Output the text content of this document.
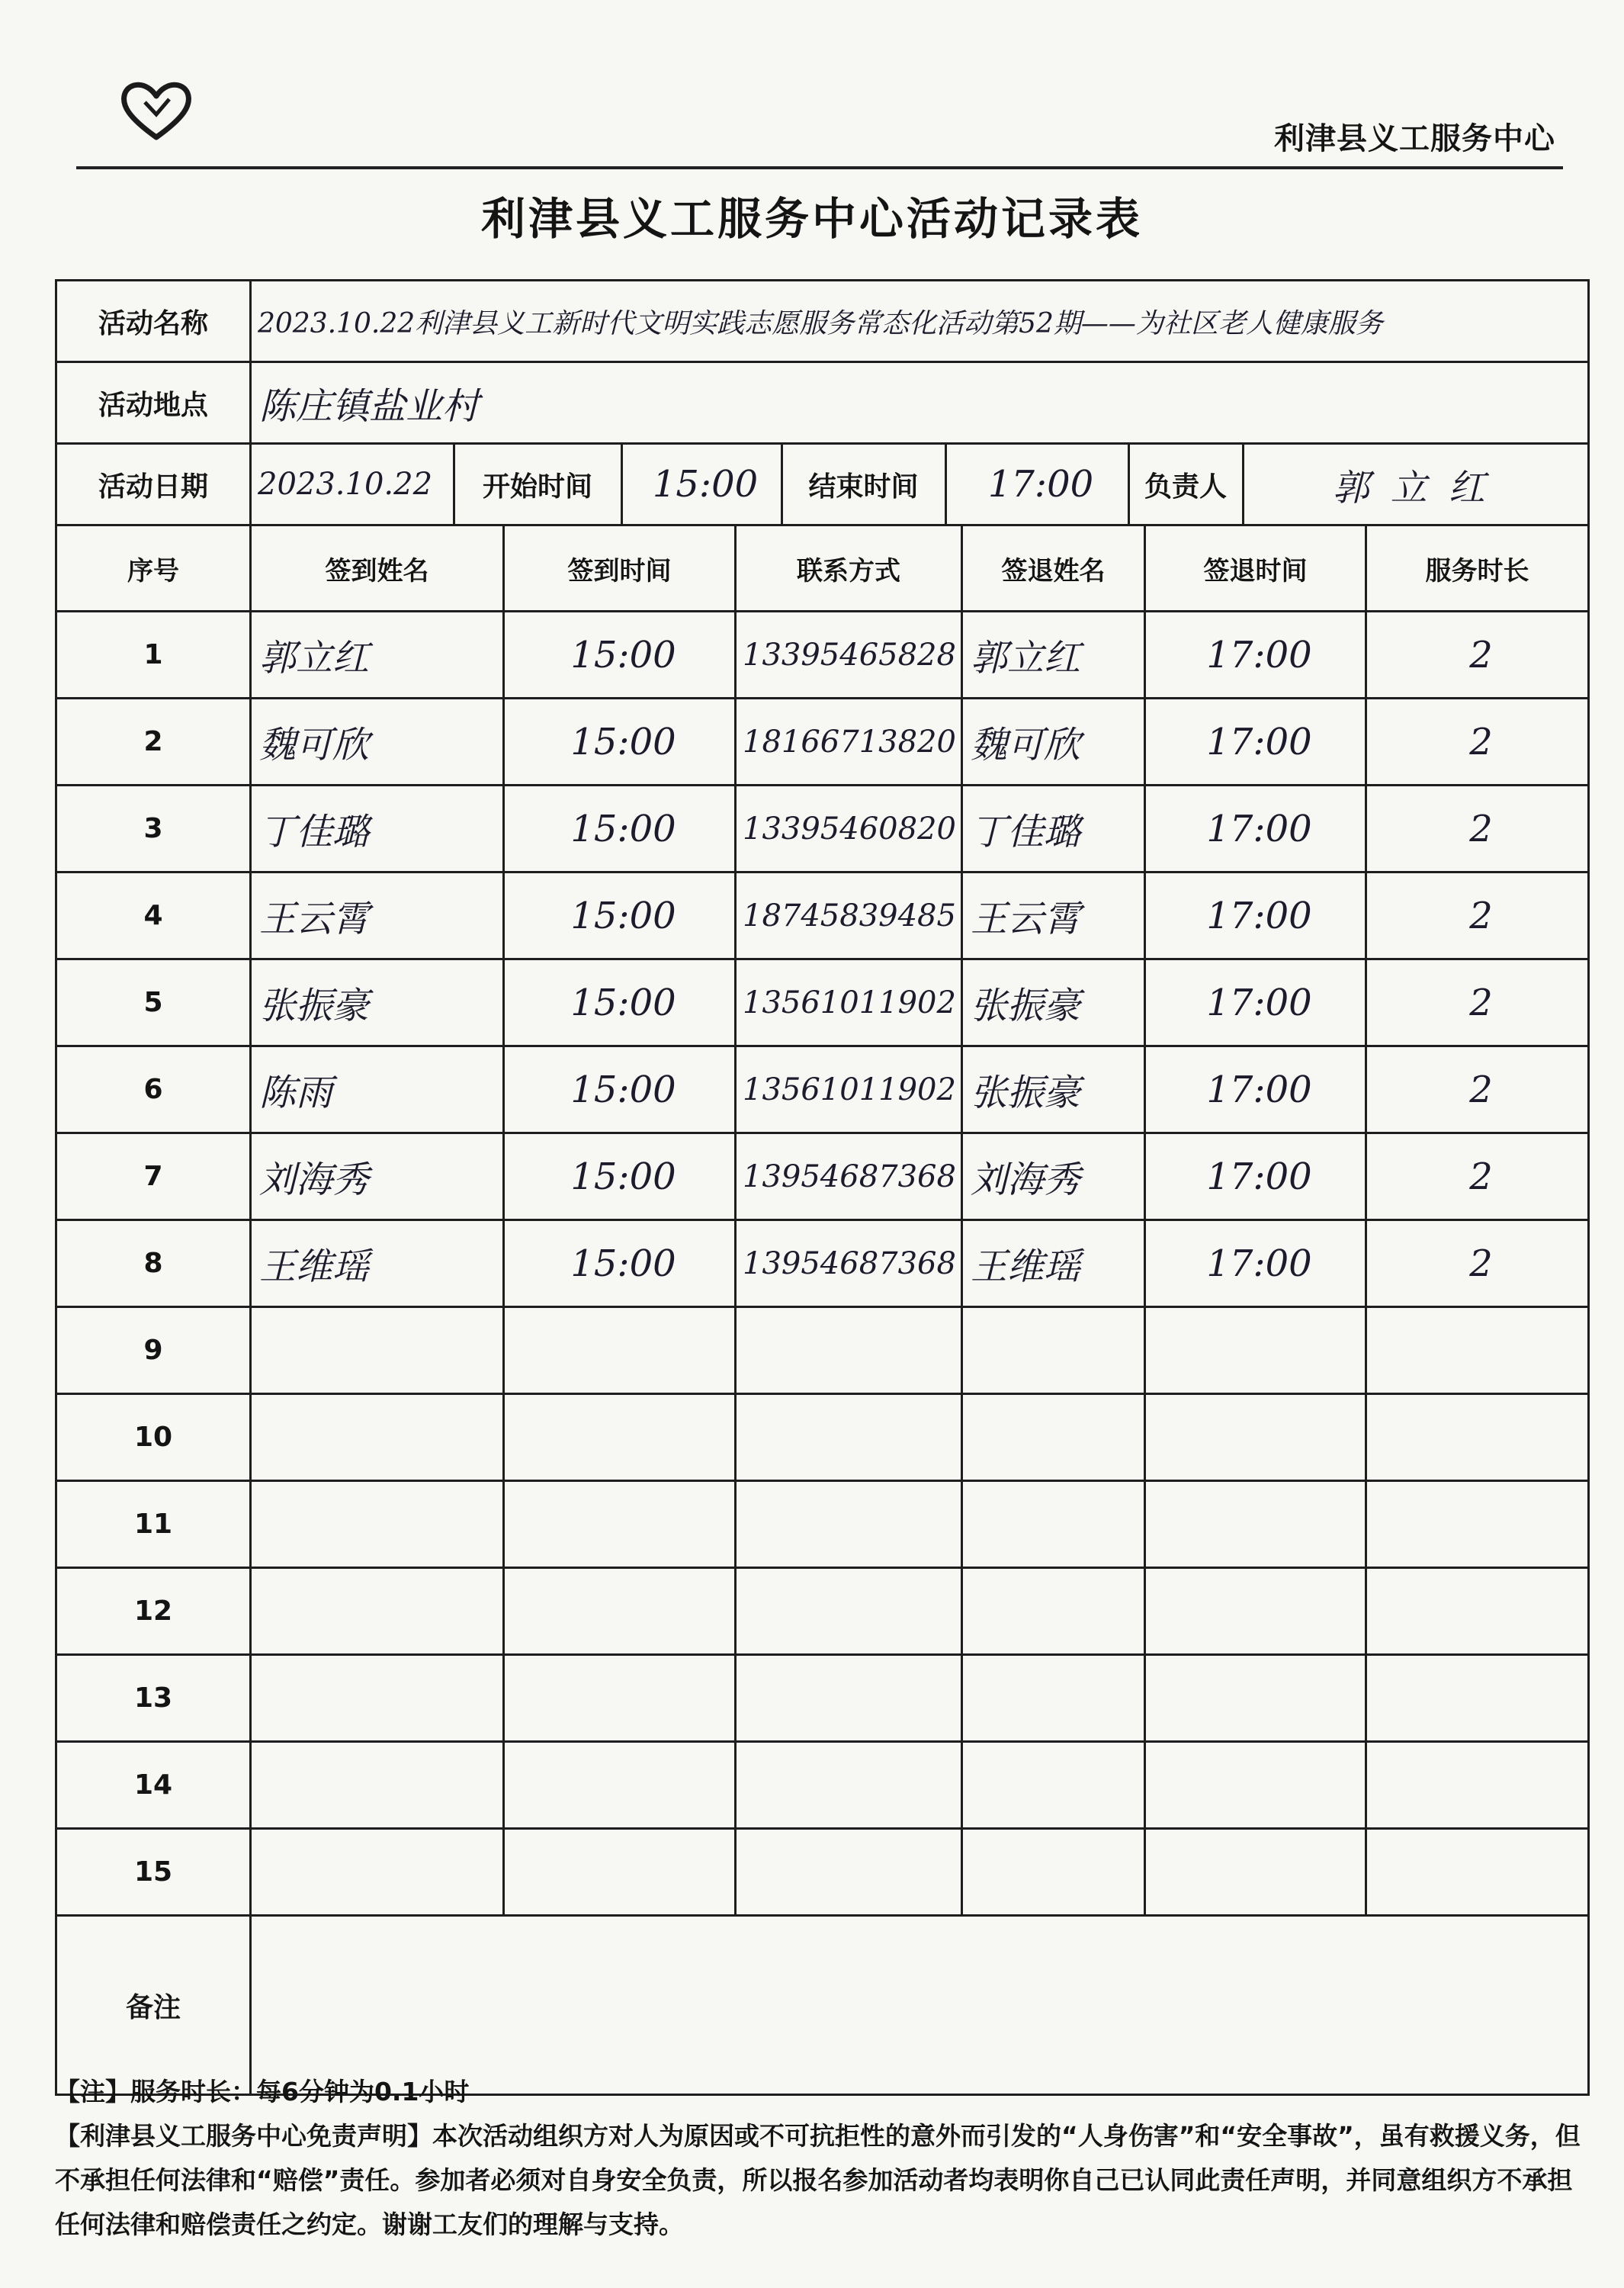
利津县义工服务中心
利津县义工服务中心活动记录表
活动名称	2023.10.22利津县义工新时代文明实践志愿服务常态化活动第52期——为社区老人健康服务
活动地点	陈庄镇盐业村
活动日期	2023.10.22	开始时间	15:00	结束时间	17:00	负责人	郭立红

序号	签到姓名	签到时间	联系方式	签退姓名	签退时间	服务时长
1	郭立红	15:00	13395465828	郭立红	17:00	2
2	魏可欣	15:00	18166713820	魏可欣	17:00	2
3	丁佳璐	15:00	13395460820	丁佳璐	17:00	2
4	王云霄	15:00	18745839485	王云霄	17:00	2
5	张振豪	15:00	13561011902	张振豪	17:00	2
6	陈雨	15:00	13561011902	张振豪	17:00	2
7	刘海秀	15:00	13954687368	刘海秀	17:00	2
8	王维瑶	15:00	13954687368	王维瑶	17:00	2
9						
10						
11						
12						
13						
14						
15						
备注	

【注】服务时长：每6分钟为0.1小时

【利津县义工服务中心免责声明】本次活动组织方对人为原因或不可抗拒性的意外而引发的“人身伤害”和“安全事故”，虽有救援义务，但不承担任何法律和“赔偿”责任。参加者必须对自身安全负责，所以报名参加活动者均表明你自己已认同此责任声明，并同意组织方不承担任何法律和赔偿责任之约定。谢谢工友们的理解与支持。
